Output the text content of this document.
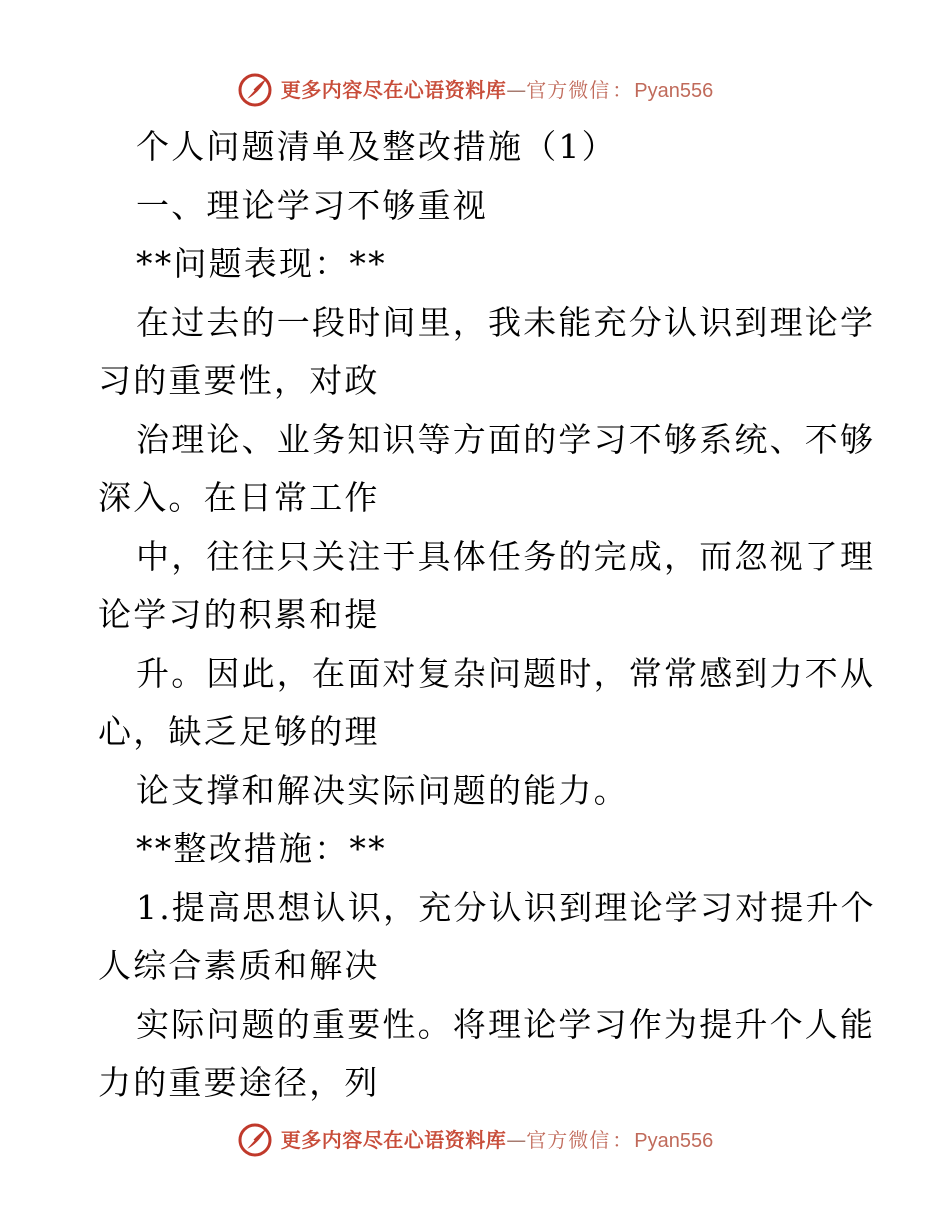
更多内容尽在心语资料库 — 官方微信 ： Pyan556
个人问题清单及整改措施（1）
一、理论学习不够重视
**问题表现：**
在过去的一段时间里，我未能充分认识到理论学
习的重要性，对政
治理论、业务知识等方面的学习不够系统、不够
深入。在日常工作
中，往往只关注于具体任务的完成，而忽视了理
论学习的积累和提
升。因此，在面对复杂问题时，常常感到力不从
心，缺乏足够的理
论支撑和解决实际问题的能力。
**整改措施：**
1.提高思想认识，充分认识到理论学习对提升个
人综合素质和解决
实际问题的重要性。将理论学习作为提升个人能
力的重要途径，列
更多内容尽在心语资料库 — 官方微信 ： Pyan556
